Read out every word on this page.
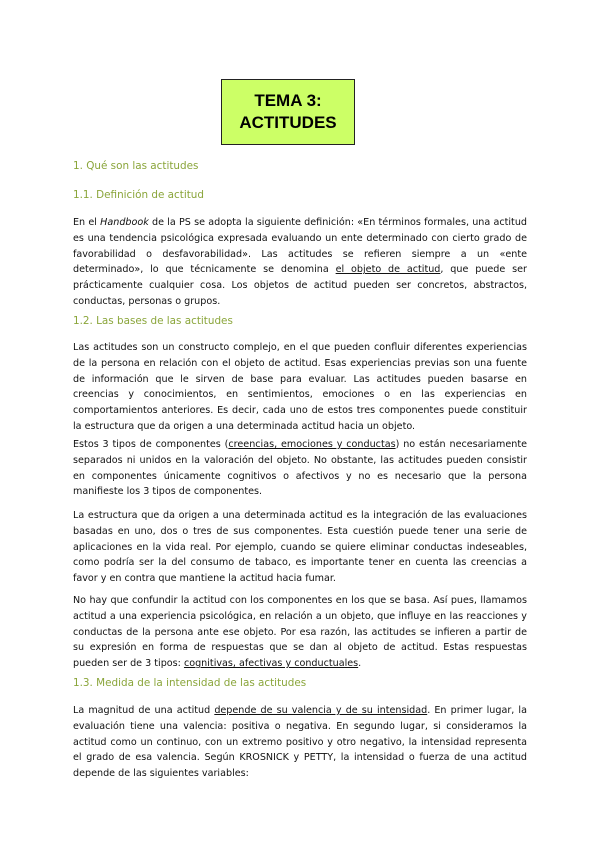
TEMA 3:
ACTITUDES
1. Qué son las actitudes
1.1. Definición de actitud

En el Handbook de la PS se adopta la siguiente definición: «En términos formales, una actitud es una tendencia psicológica expresada evaluando un ente determinado con cierto grado de favorabilidad o desfavorabilidad». Las actitudes se refieren siempre a un «ente determinado», lo que técnicamente se denomina el objeto de actitud, que puede ser prácticamente cualquier cosa. Los objetos de actitud pueden ser concretos, abstractos, conductas, personas o grupos.

1.2. Las bases de las actitudes

Las actitudes son un constructo complejo, en el que pueden confluir diferentes experiencias de la persona en relación con el objeto de actitud. Esas experiencias previas son una fuente de información que le sirven de base para evaluar. Las actitudes pueden basarse en creencias y conocimientos, en sentimientos, emociones o en las experiencias en comportamientos anteriores. Es decir, cada uno de estos tres componentes puede constituir la estructura que da origen a una determinada actitud hacia un objeto.

Estos 3 tipos de componentes (creencias, emociones y conductas) no están necesariamente separados ni unidos en la valoración del objeto. No obstante, las actitudes pueden consistir en componentes únicamente cognitivos o afectivos y no es necesario que la persona manifieste los 3 tipos de componentes.

La estructura que da origen a una determinada actitud es la integración de las evaluaciones basadas en uno, dos o tres de sus componentes. Esta cuestión puede tener una serie de aplicaciones en la vida real. Por ejemplo, cuando se quiere eliminar conductas indeseables, como podría ser la del consumo de tabaco, es importante tener en cuenta las creencias a favor y en contra que mantiene la actitud hacia fumar.

No hay que confundir la actitud con los componentes en los que se basa. Así pues, llamamos actitud a una experiencia psicológica, en relación a un objeto, que influye en las reacciones y conductas de la persona ante ese objeto. Por esa razón, las actitudes se infieren a partir de su expresión en forma de respuestas que se dan al objeto de actitud. Estas respuestas pueden ser de 3 tipos: cognitivas, afectivas y conductuales.

1.3. Medida de la intensidad de las actitudes

La magnitud de una actitud depende de su valencia y de su intensidad. En primer lugar, la evaluación tiene una valencia: positiva o negativa. En segundo lugar, si consideramos la actitud como un continuo, con un extremo positivo y otro negativo, la intensidad representa el grado de esa valencia. Según KROSNICK y PETTY, la intensidad o fuerza de una actitud depende de las siguientes variables:
